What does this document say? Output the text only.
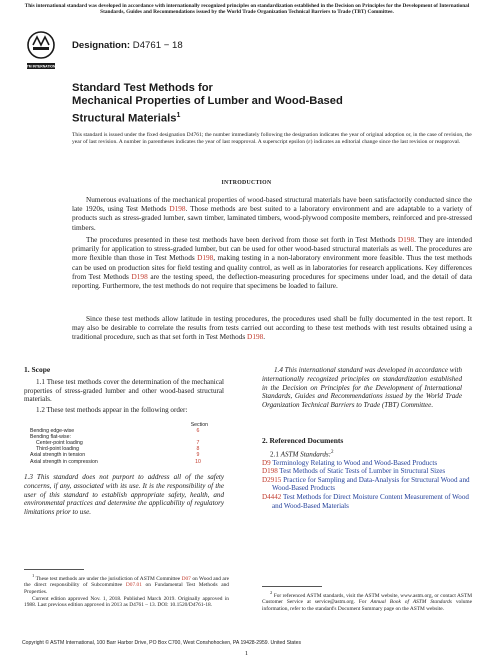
This international standard was developed in accordance with internationally recognized principles on standardization established in the Decision on Principles for the Development of International Standards, Guides and Recommendations issued by the World Trade Organization Technical Barriers to Trade (TBT) Committee.
ASTM INTERNATIONAL
Designation: D4761 − 18
Standard Test Methods for
Mechanical Properties of Lumber and Wood-Based
Structural Materials$^1$
This standard is issued under the fixed designation D4761; the number immediately following the designation indicates the year of original adoption or, in the case of revision, the year of last revision. A number in parentheses indicates the year of last reapproval. A superscript epsilon (ε) indicates an editorial change since the last revision or reapproval.
INTRODUCTION
Numerous evaluations of the mechanical properties of wood-based structural materials have been satisfactorily conducted since the late 1920s, using Test Methods D198. Those methods are best suited to a laboratory environment and are adaptable to a variety of products such as stress-graded lumber, sawn timber, laminated timbers, wood-plywood composite members, reinforced and pre-stressed timbers.
The procedures presented in these test methods have been derived from those set forth in Test Methods D198. They are intended primarily for application to stress-graded lumber, but can be used for other wood-based structural materials as well. The procedures are more flexible than those in Test Methods D198, making testing in a non-laboratory environment more feasible. Thus the test methods can be used on production sites for field testing and quality control, as well as in laboratories for research applications. Key differences from Test Methods D198 are the testing speed, the deflection-measuring procedures for specimens under load, and the detail of data reporting. Furthermore, the test methods do not require that specimens be loaded to failure.
Since these test methods allow latitude in testing procedures, the procedures used shall be fully documented in the test report. It may also be desirable to correlate the results from tests carried out according to these test methods with test results obtained using a traditional procedure, such as that set forth in Test Methods D198.
1. Scope
1.1 These test methods cover the determination of the mechanical properties of stress-graded lumber and other wood-based structural materials.
1.2 These test methods appear in the following order:
Section
Bending edge-wise	6
Bending flat-wise:
Center-point loading	7
Third-point loading	8
Axial strength in tension	9
Axial strength in compression	10
1.3 This standard does not purport to address all of the safety concerns, if any, associated with its use. It is the responsibility of the user of this standard to establish appropriate safety, health, and environmental practices and determine the applicability of regulatory limitations prior to use.
1.4 This international standard was developed in accordance with internationally recognized principles on standardization established in the Decision on Principles for the Development of International Standards, Guides and Recommendations issued by the World Trade Organization Technical Barriers to Trade (TBT) Committee.
2. Referenced Documents
2.1 ASTM Standards:$^2$
D9 Terminology Relating to Wood and Wood-Based Products
D198 Test Methods of Static Tests of Lumber in Structural Sizes
D2915 Practice for Sampling and Data-Analysis for Structural Wood and Wood-Based Products
D4442 Test Methods for Direct Moisture Content Measurement of Wood and Wood-Based Materials
$^1$ These test methods are under the jurisdiction of ASTM Committee D07 on Wood and are the direct responsibility of Subcommittee D07.01 on Fundamental Test Methods and Properties.
Current edition approved Nov. 1, 2018. Published March 2019. Originally approved in 1988. Last previous edition approved in 2013 as D4761 – 13. DOI: 10.1520/D4761-18.
$^2$ For referenced ASTM standards, visit the ASTM website, www.astm.org, or contact ASTM Customer Service at service@astm.org. For Annual Book of ASTM Standards volume information, refer to the standard's Document Summary page on the ASTM website.
Copyright © ASTM International, 100 Barr Harbor Drive, PO Box C700, West Conshohocken, PA 19428-2959. United States
1
